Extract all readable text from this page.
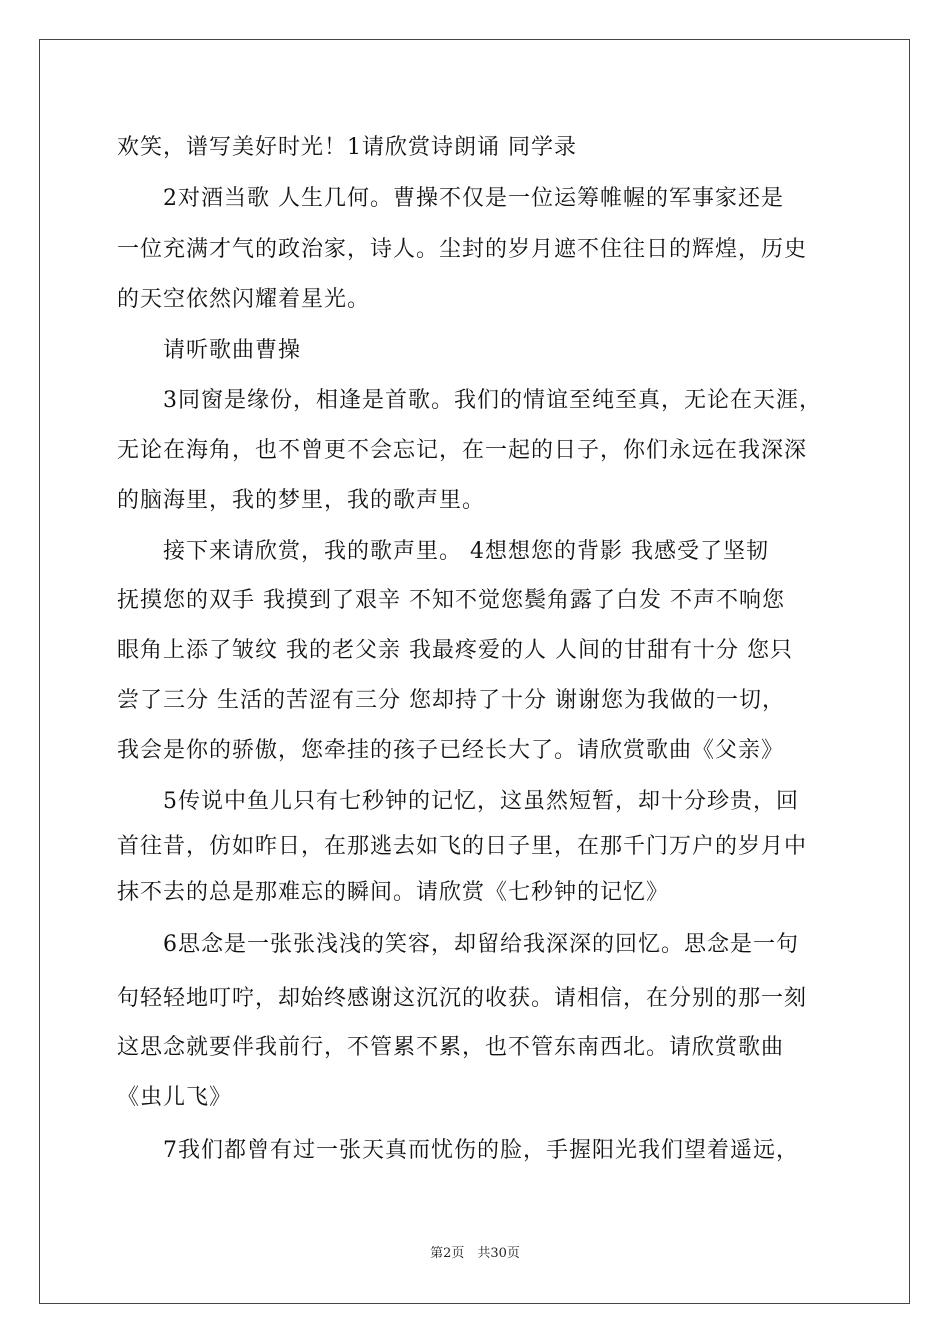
欢笑，谱写美好时光！1请欣赏诗朗诵 同学录
2对酒当歌 人生几何。曹操不仅是一位运筹帷幄的军事家还是
一位充满才气的政治家，诗人。尘封的岁月遮不住往日的辉煌，历史
的天空依然闪耀着星光。
请听歌曲曹操
3同窗是缘份，相逢是首歌。我们的情谊至纯至真，无论在天涯，
无论在海角，也不曾更不会忘记，在一起的日子，你们永远在我深深
的脑海里，我的梦里，我的歌声里。
接下来请欣赏，我的歌声里。 4想想您的背影 我感受了坚韧
抚摸您的双手 我摸到了艰辛 不知不觉您鬓角露了白发 不声不响您
眼角上添了皱纹 我的老父亲 我最疼爱的人 人间的甘甜有十分 您只
尝了三分 生活的苦涩有三分 您却持了十分 谢谢您为我做的一切，
我会是你的骄傲，您牵挂的孩子已经长大了。请欣赏歌曲《父亲》
5传说中鱼儿只有七秒钟的记忆，这虽然短暂，却十分珍贵，回
首往昔，仿如昨日，在那逃去如飞的日子里，在那千门万户的岁月中
抹不去的总是那难忘的瞬间。请欣赏《七秒钟的记忆》
6思念是一张张浅浅的笑容，却留给我深深的回忆。思念是一句
句轻轻地叮咛，却始终感谢这沉沉的收获。请相信，在分别的那一刻
这思念就要伴我前行，不管累不累，也不管东南西北。请欣赏歌曲
《虫儿飞》
7我们都曾有过一张天真而忧伤的脸，手握阳光我们望着遥远，
第2页　共30页
